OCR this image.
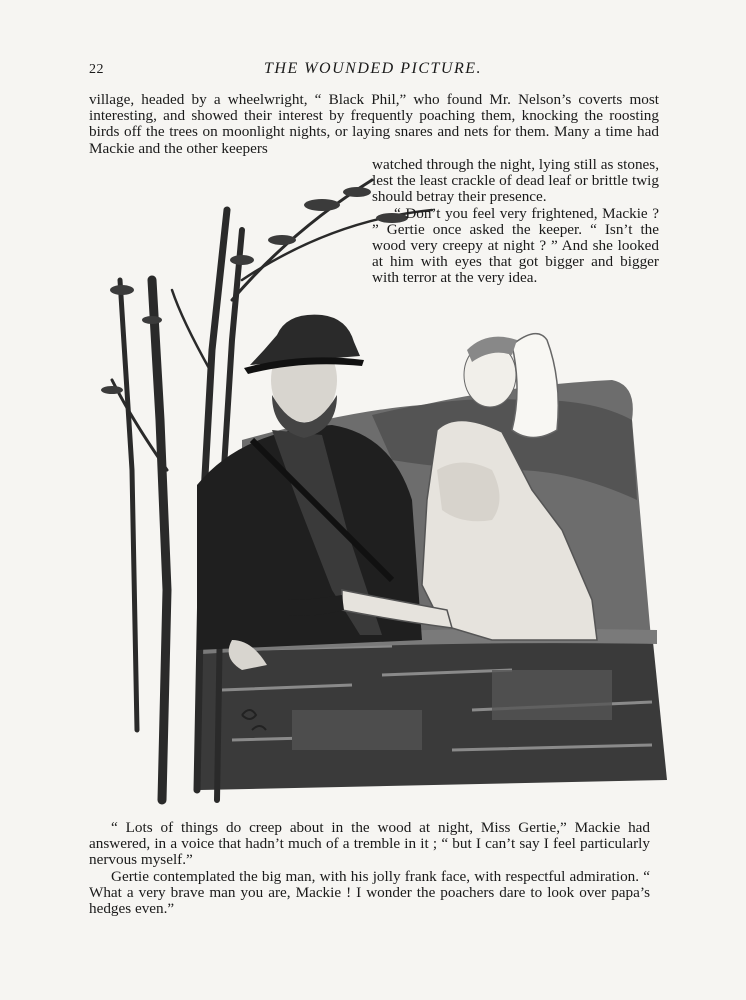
22	THE WOUNDED PICTURE.

village, headed by a wheelwright, “ Black Phil,” who found Mr. Nelson’s coverts most interesting, and showed their interest by frequently poaching them, knocking the roosting birds off the trees on moonlight nights, or laying snares and nets for them. Many a time had Mackie and the other keepers

watched through the night, lying still as stones, lest the least crackle of dead leaf or brittle twig should betray their presence.

“ Don’t you feel very frightened, Mackie ? ” Gertie once asked the keeper. “ Isn’t the wood very creepy at night ? ” And she looked at him with eyes that got bigger and bigger with terror at the very idea.

“ Lots of things do creep about in the wood at night, Miss Gertie,” Mackie had answered, in a voice that hadn’t much of a tremble in it ; “ but I can’t say I feel particularly nervous myself.”

Gertie contemplated the big man, with his jolly frank face, with respectful admiration. “ What a very brave man you are, Mackie ! I wonder the poachers dare to look over papa’s hedges even.”
